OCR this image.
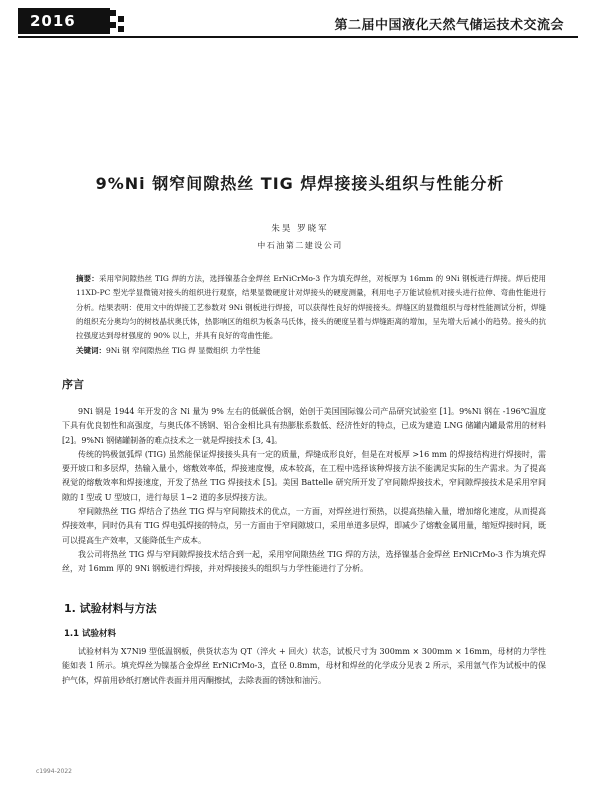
2016	第二届中国液化天然气储运技术交流会
9%Ni 钢窄间隙热丝 TIG 焊焊接接头组织与性能分析
朱昊 罗晓军
中石油第二建设公司
摘要：采用窄间隙热丝 TIG 焊的方法，选择镍基合金焊丝 ErNiCrMo-3 作为填充焊丝，对板厚为 16mm 的 9Ni 钢板进行焊接。焊后使用 11XD-PC 型光学显微镜对接头的组织进行观察，结果显微硬度计对焊接头的硬度测量，利用电子万能试验机对接头进行拉伸、弯曲性能进行分析。结果表明：使用文中的焊接工艺参数对 9Ni 钢板进行焊接，可以获得性良好的焊接接头。焊缝区的显微组织与母材性能测试分析，焊缝的组织充分奥均匀的树枝晶状奥氏体，热影响区的组织为板条马氏体，接头的硬度呈着与焊缝距离的增加，呈先增大后减小的趋势。接头的抗拉强度达到母材强度的 90% 以上，并具有良好的弯曲性能。
关键词：9Ni 钢 窄间隙热丝 TIG 焊 显微组织 力学性能
序言

9Ni 钢是 1944 年开发的含 Ni 量为 9% 左右的低碳低合钢，始创于美国国际镍公司产品研究试验室 [1]。9%Ni 钢在 -196℃温度下具有优良韧性和高强度，与奥氏体不锈钢、铝合金相比具有热膨胀系数低、经济性好的特点，已成为建造 LNG 储罐内罐最常用的材料 [2]。9%Ni 钢储罐制备的难点技术之一就是焊接技术 [3, 4]。

传统的钨极氩弧焊 (TIG) 虽然能保证焊接接头具有一定的质量，焊缝成形良好，但是在对板厚 >16 mm 的焊接结构进行焊接时，需要开坡口和多层焊，热输入量小，熔敷效率低，焊接速度慢，成本较高，在工程中选择该种焊接方法不能满足实际的生产需求。为了提高视觉的熔敷效率和焊接速度，开发了热丝 TIG 焊接技术 [5]。美国 Battelle 研究所开发了窄间隙焊接技术，窄间隙焊接技术是采用窄间隙的 I 型或 U 型坡口，进行每层 1~2 道的多层焊接方法。

窄间隙热丝 TIG 焊结合了热丝 TIG 焊与窄间隙技术的优点，一方面，对焊丝进行预热，以提高热输入量，增加熔化速度，从而提高焊接效率，同时仍具有 TIG 焊电弧焊接的特点，另一方面由于窄间隙坡口，采用单道多层焊，即减少了熔敷金属用量，缩短焊接时间，既可以提高生产效率，又能降低生产成本。

我公司将热丝 TIG 焊与窄间隙焊接技术结合到一起，采用窄间隙热丝 TIG 焊的方法，选择镍基合金焊丝 ErNiCrMo-3 作为填充焊丝，对 16mm 厚的 9Ni 钢板进行焊接，并对焊接接头的组织与力学性能进行了分析。

1. 试验材料与方法
1.1 试验材料

试验材料为 X7Ni9 型低温钢板，供货状态为 QT（淬火 + 回火）状态，试板尺寸为 300mm × 300mm × 16mm，母材的力学性能如表 1 所示。填充焊丝为镍基合金焊丝 ErNiCrMo-3，直径 0.8mm，母材和焊丝的化学成分见表 2 所示，采用氩气作为试板中的保护气体，焊前用砂纸打磨试件表面并用丙酮擦拭，去除表面的锈蚀和油污。

c1994-2022
